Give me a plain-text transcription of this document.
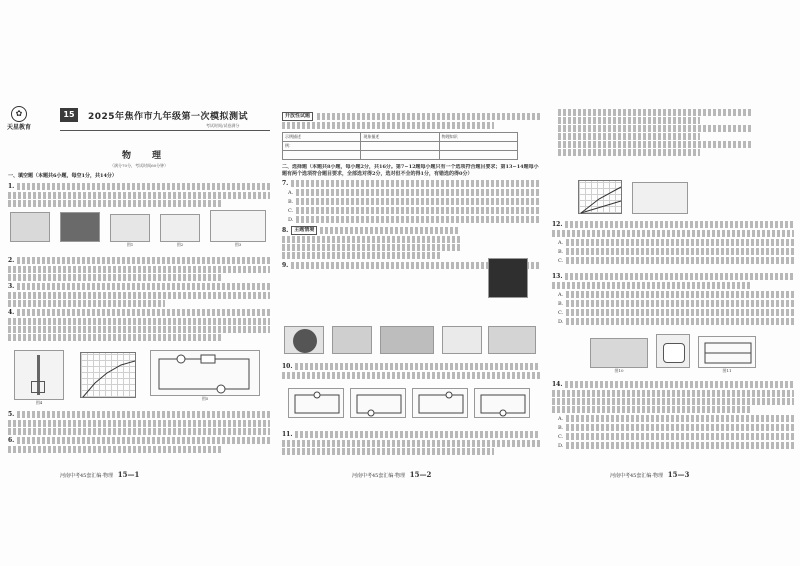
✿
天星教育
15	2025年焦作市九年级第一次模拟测试
考试时间/试卷满分
物　理
（满分70分，考试时间60分钟）
一、填空题（本题共6小题，每空1分，共14分）
1.
图1	图2	图3
2.
3.
4.
图4
图5
5.
6.
河南中考45套汇编·物理 15—1
开放性试题
示例描述	现象描述	物理知识
例：		

二、选择题（本题共8小题，每小题2分，共16分。第7~12题每小题只有一个选项符合题目要求；第13~14题每小题有两个选项符合题目要求，全部选对得2分，选对但不全的得1分，有错选的得0分）
7.
A.
B.
C.
D.
8.	主题情境
9.
10.
11.
河南中考45套汇编·物理 15—2
12.
A.
B.
C.
13.
A.
B.
C.
D.
图10	图11
14.
A.
B.
C.
D.
河南中考45套汇编·物理 15—3
